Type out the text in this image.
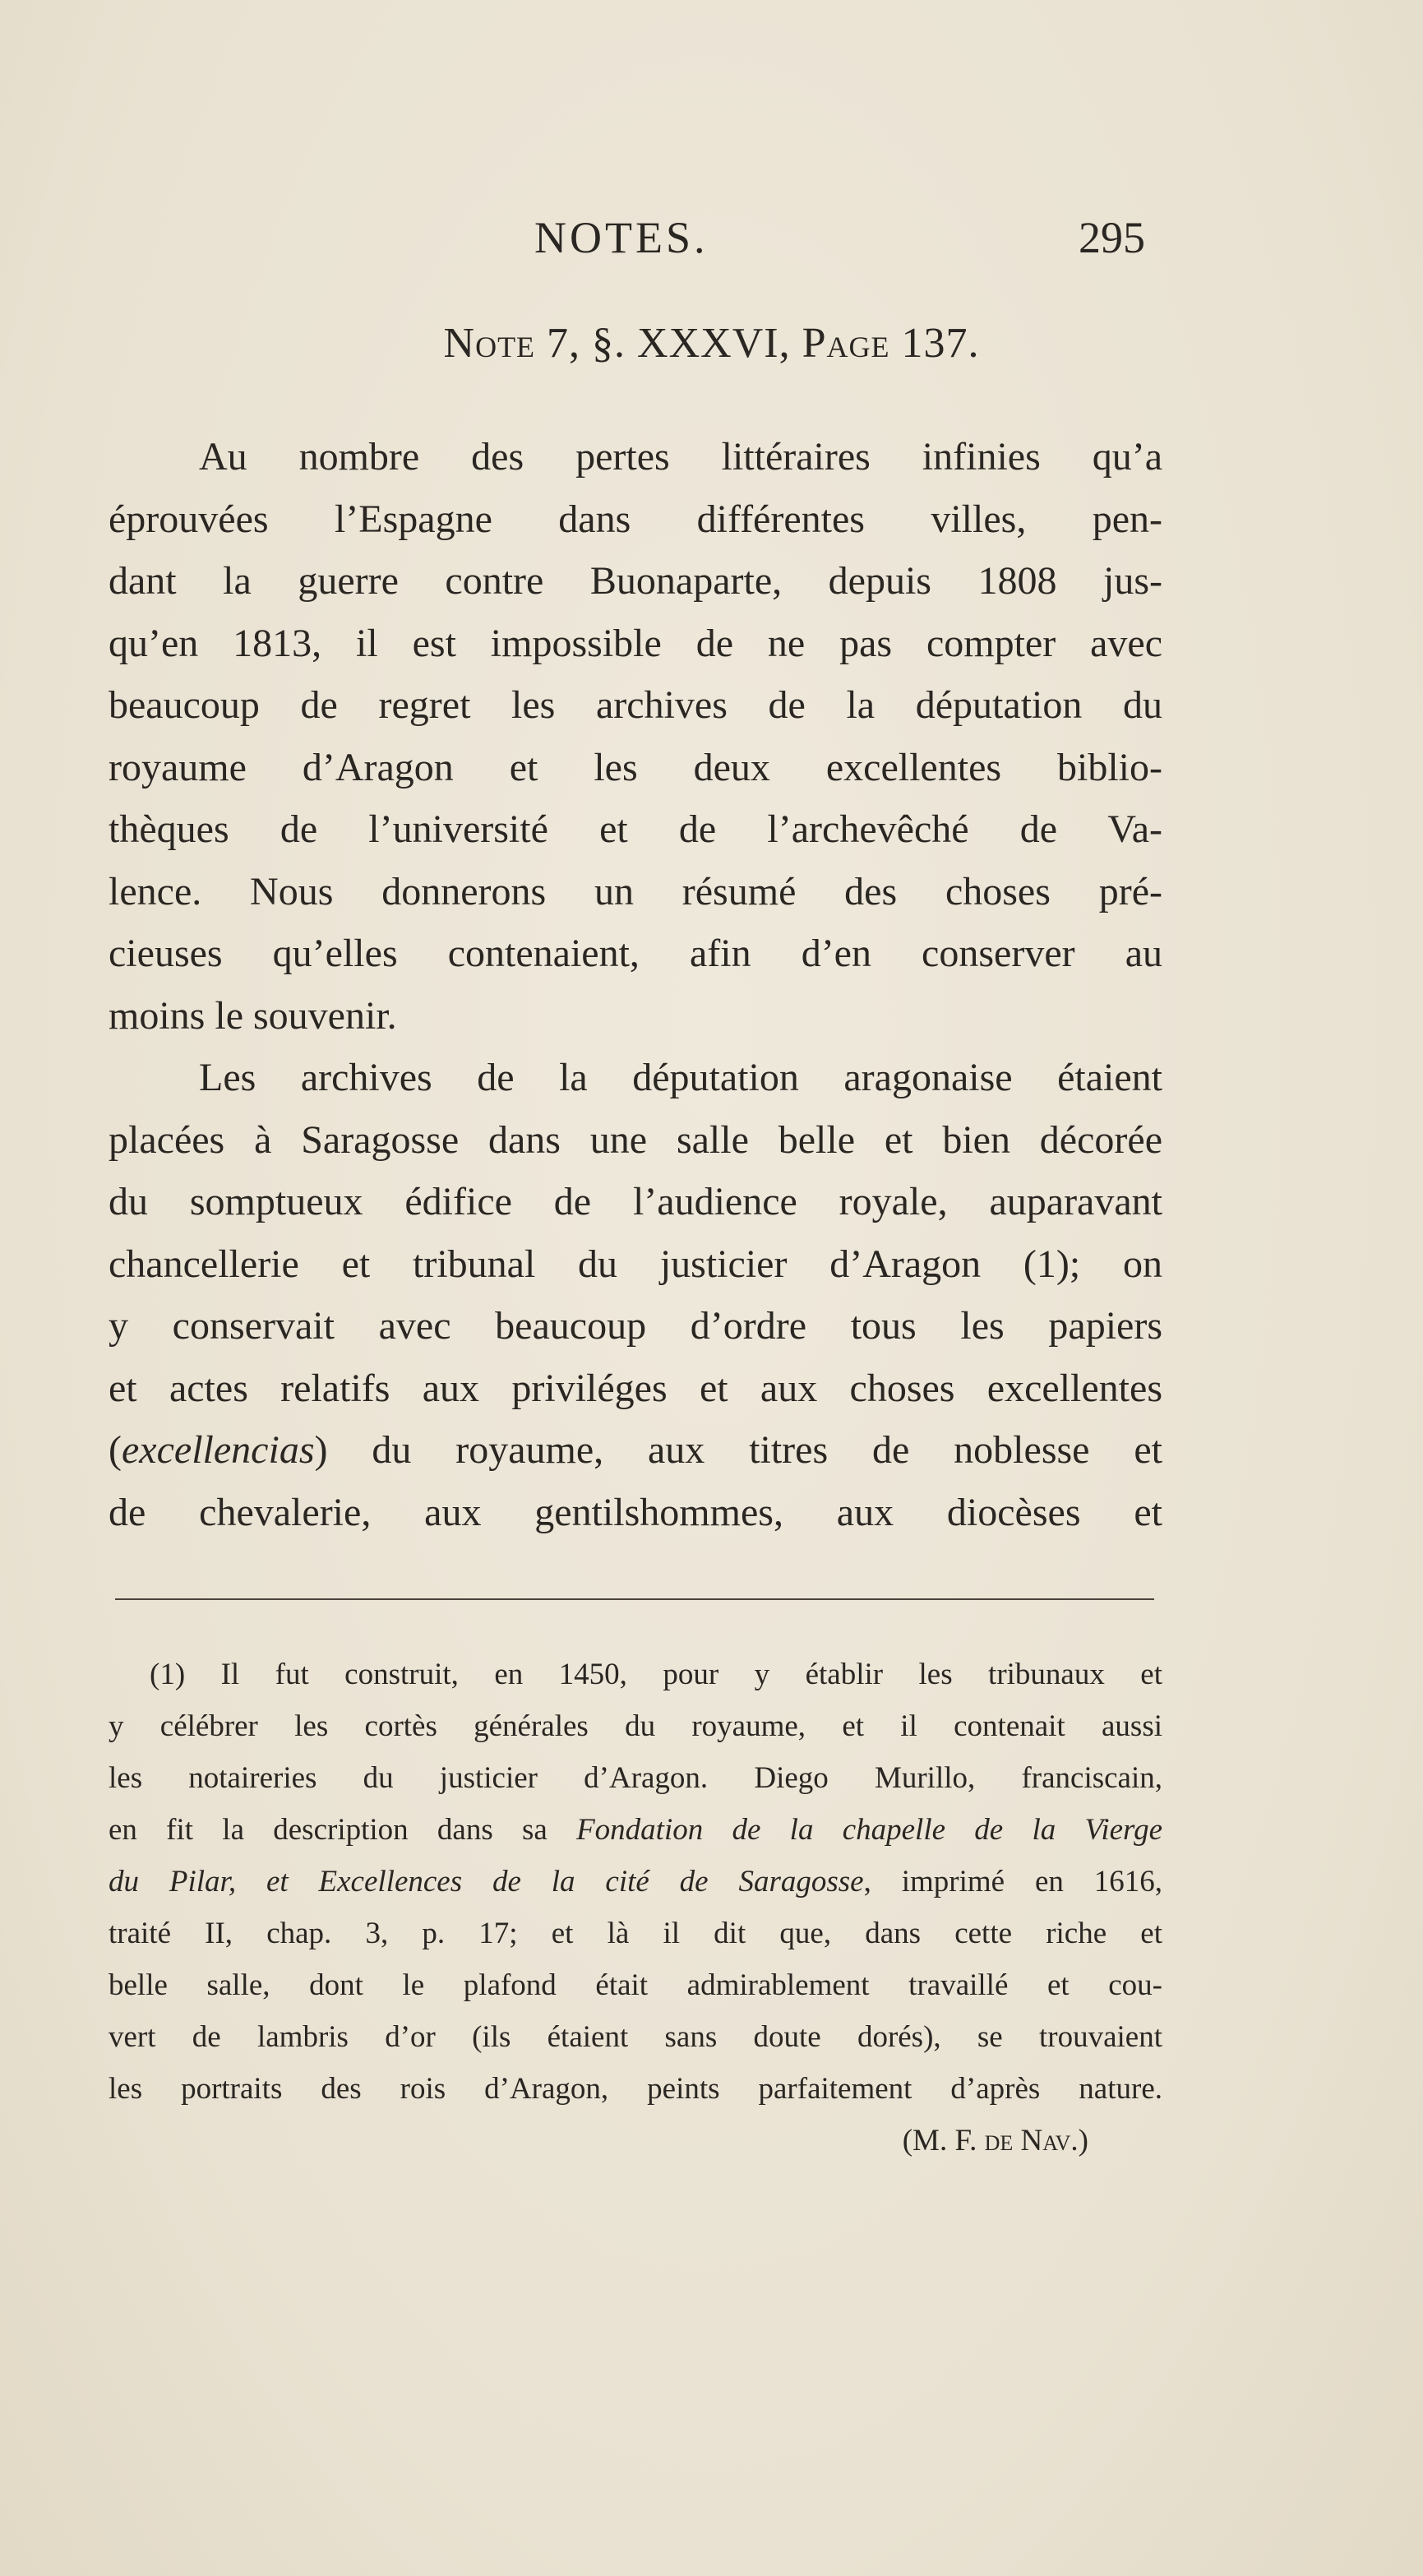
NOTES.	295
Note 7, §. XXXVI, Page 137.
Au nombre des pertes littéraires infinies qu’a
éprouvées l’Espagne dans différentes villes, pen-
dant la guerre contre Buonaparte, depuis 1808 jus-
qu’en 1813, il est impossible de ne pas compter avec
beaucoup de regret les archives de la députation du
royaume d’Aragon et les deux excellentes biblio-
thèques de l’université et de l’archevêché de Va-
lence. Nous donnerons un résumé des choses pré-
cieuses qu’elles contenaient, afin d’en conserver au
moins le souvenir.
Les archives de la députation aragonaise étaient
placées à Saragosse dans une salle belle et bien décorée
du somptueux édifice de l’audience royale, auparavant
chancellerie et tribunal du justicier d’Aragon (1); on
y conservait avec beaucoup d’ordre tous les papiers
et actes relatifs aux priviléges et aux choses excellentes
(excellencias) du royaume, aux titres de noblesse et
de chevalerie, aux gentilshommes, aux diocèses et
(1) Il fut construit, en 1450, pour y établir les tribunaux et
y célébrer les cortès générales du royaume, et il contenait aussi
les notaireries du justicier d’Aragon. Diego Murillo, franciscain,
en fit la description dans sa Fondation de la chapelle de la Vierge
du Pilar, et Excellences de la cité de Saragosse, imprimé en 1616,
traité II, chap. 3, p. 17; et là il dit que, dans cette riche et
belle salle, dont le plafond était admirablement travaillé et cou-
vert de lambris d’or (ils étaient sans doute dorés), se trouvaient
les portraits des rois d’Aragon, peints parfaitement d’après nature.
(M. F. de Nav.)
